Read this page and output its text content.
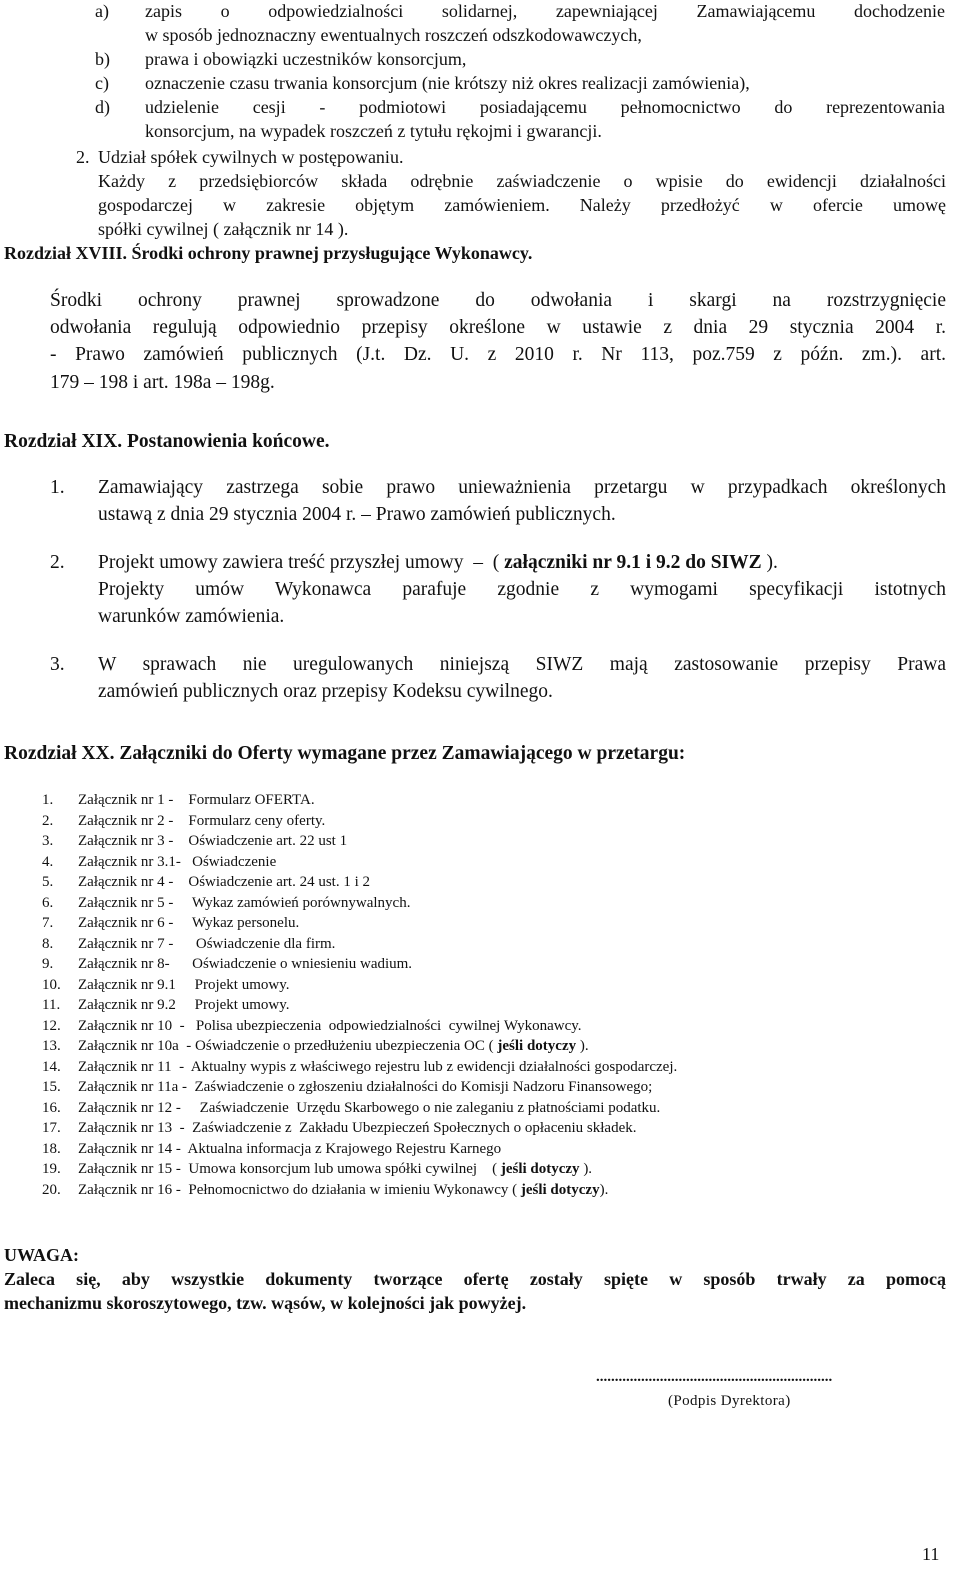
a) zapis o odpowiedzialności solidarnej, zapewniającej Zamawiającemu dochodzenie
w sposób jednoznaczny ewentualnych roszczeń odszkodowawczych,
b) prawa i obowiązki uczestników konsorcjum,
c) oznaczenie czasu trwania konsorcjum (nie krótszy niż okres realizacji zamówienia),
d) udzielenie cesji - podmiotowi posiadającemu pełnomocnictwo do reprezentowania
konsorcjum, na wypadek roszczeń z tytułu rękojmi i gwarancji.
2. Udział spółek cywilnych w postępowaniu.
Każdy z przedsiębiorców składa odrębnie zaświadczenie o wpisie do ewidencji działalności
gospodarczej w zakresie objętym zamówieniem. Należy przedłożyć w ofercie umowę
spółki cywilnej ( załącznik nr 14 ).
Rozdział XVIII. Środki ochrony prawnej przysługujące Wykonawcy.
Środki ochrony prawnej sprowadzone do odwołania i skargi na rozstrzygnięcie
odwołania regulują odpowiednio przepisy określone w ustawie z dnia 29 stycznia 2004 r.
- Prawo zamówień publicznych (J.t. Dz. U. z 2010 r. Nr 113, poz.759 z późn. zm.). art.
179 – 198 i art. 198a – 198g.
Rozdział XIX. Postanowienia końcowe.
1. Zamawiający zastrzega sobie prawo unieważnienia przetargu w przypadkach określonych
ustawą z dnia 29 stycznia 2004 r. – Prawo zamówień publicznych.
2. Projekt umowy zawiera treść przyszłej umowy  –  ( załączniki nr 9.1 i 9.2 do SIWZ ).
Projekty umów Wykonawca parafuje zgodnie z wymogami specyfikacji istotnych
warunków zamówienia.
3. W sprawach nie uregulowanych niniejszą SIWZ mają zastosowanie przepisy Prawa
zamówień publicznych oraz przepisy Kodeksu cywilnego.
Rozdział XX. Załączniki do Oferty wymagane przez Zamawiającego w przetargu:
1. Załącznik nr 1 -    Formularz OFERTA.
2. Załącznik nr 2 -    Formularz ceny oferty.
3. Załącznik nr 3 -    Oświadczenie art. 22 ust 1
4. Załącznik nr 3.1-   Oświadczenie
5. Załącznik nr 4 -    Oświadczenie art. 24 ust. 1 i 2
6. Załącznik nr 5 -     Wykaz zamówień porównywalnych.
7. Załącznik nr 6 -     Wykaz personelu.
8. Załącznik nr 7 -      Oświadczenie dla firm.
9. Załącznik nr 8-      Oświadczenie o wniesieniu wadium.
10. Załącznik nr 9.1     Projekt umowy.
11. Załącznik nr 9.2     Projekt umowy.
12. Załącznik nr 10  -   Polisa ubezpieczenia  odpowiedzialności  cywilnej Wykonawcy.
13. Załącznik nr 10a  - Oświadczenie o przedłużeniu ubezpieczenia OC ( jeśli dotyczy ).
14. Załącznik nr 11  -  Aktualny wypis z właściwego rejestru lub z ewidencji działalności gospodarczej.
15. Załącznik nr 11a -  Zaświadczenie o zgłoszeniu działalności do Komisji Nadzoru Finansowego;
16. Załącznik nr 12 -     Zaświadczenie  Urzędu Skarbowego o nie zaleganiu z płatnościami podatku.
17. Załącznik nr 13  -  Zaświadczenie z  Zakładu Ubezpieczeń Społecznych o opłaceniu składek.
18. Załącznik nr 14 -  Aktualna informacja z Krajowego Rejestru Karnego
19. Załącznik nr 15 -  Umowa konsorcjum lub umowa spółki cywilnej    ( jeśli dotyczy ).
20. Załącznik nr 16 -  Pełnomocnictwo do działania w imieniu Wykonawcy ( jeśli dotyczy).
UWAGA:
Zaleca się, aby wszystkie dokumenty tworzące ofertę zostały spięte w sposób trwały za pomocą
mechanizmu skoroszytowego, tzw. wąsów, w kolejności jak powyżej.
...............................................................
(Podpis Dyrektora)
11
